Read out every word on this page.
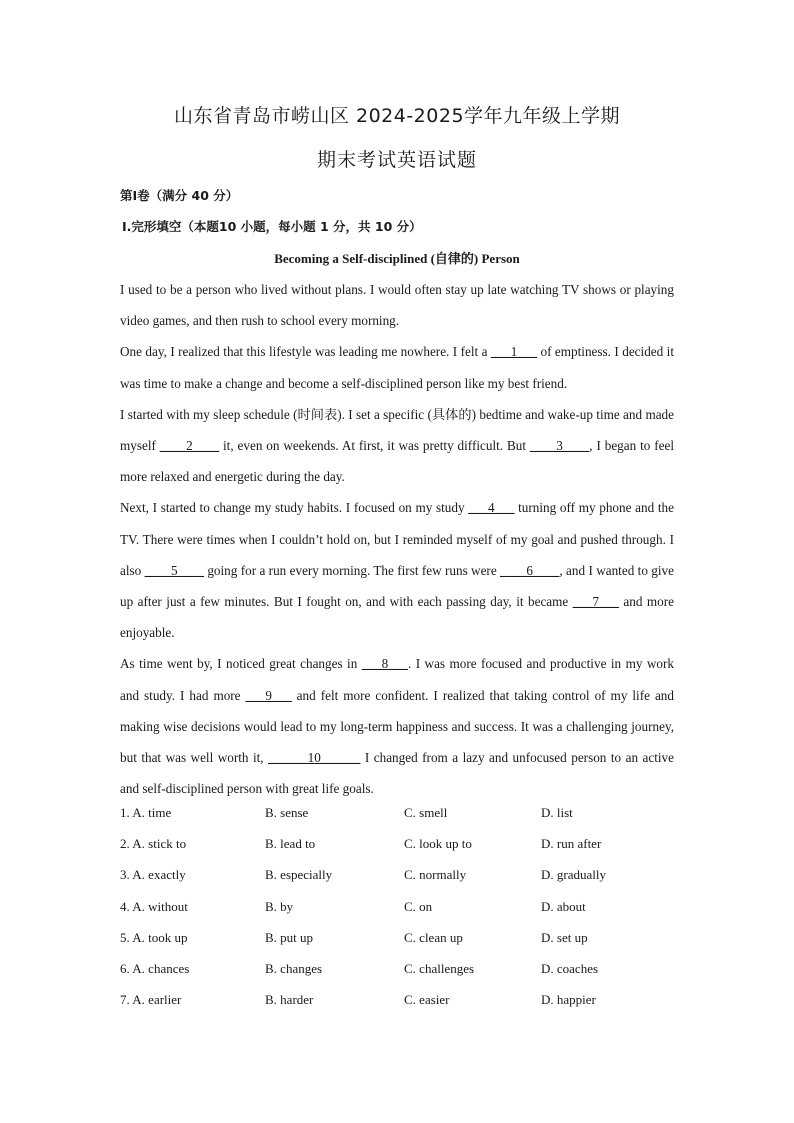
山东省青岛市崂山区 2024-2025学年九年级上学期
期末考试英语试题
第Ⅰ卷（满分 40 分）
Ⅰ.完形填空（本题10 小题，每小题 1 分，共 10 分）
Becoming a Self-disciplined (自律的) Person

I used to be a person who lived without plans. I would often stay up late watching TV shows or playing video games, and then rush to school every morning.

One day, I realized that this lifestyle was leading me nowhere. I felt a ___1___ of emptiness. I decided it was time to make a change and become a self-disciplined person like my best friend.

I started with my sleep schedule (时间表). I set a specific (具体的) bedtime and wake-up time and made myself ____2____ it, even on weekends. At first, it was pretty difficult. But ____3____, I began to feel more relaxed and energetic during the day.

Next, I started to change my study habits. I focused on my study ___4___ turning off my phone and the TV. There were times when I couldn’t hold on, but I reminded myself of my goal and pushed through. I also ____5____ going for a run every morning. The first few runs were ____6____, and I wanted to give up after just a few minutes. But I fought on, and with each passing day, it became ___7___ and more enjoyable.

As time went by, I noticed great changes in ___8___. I was more focused and productive in my work and study. I had more ___9___ and felt more confident. I realized that taking control of my life and making wise decisions would lead to my long-term happiness and success. It was a challenging journey, but that was well worth it, ______10______ I changed from a lazy and unfocused person to an active and self-disciplined person with great life goals.

1. A. time	B. sense	C. smell	D. list
2. A. stick to	B. lead to	C. look up to	D. run after
3. A. exactly	B. especially	C. normally	D. gradually
4. A. without	B. by	C. on	D. about
5. A. took up	B. put up	C. clean up	D. set up
6. A. chances	B. changes	C. challenges	D. coaches
7. A. earlier	B. harder	C. easier	D. happier
